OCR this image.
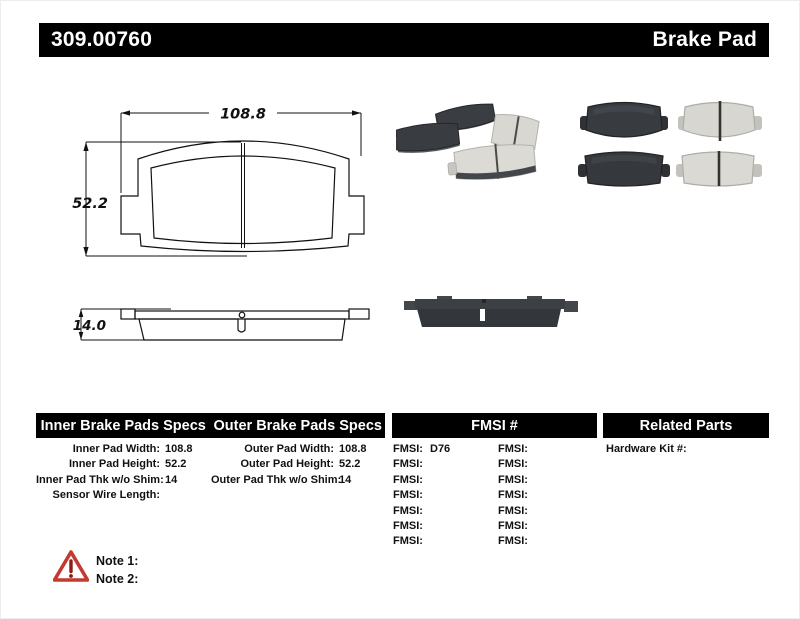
309.00760	Brake Pad
108.8
52.2
14.0
Inner Brake Pads Specs Outer Brake Pads Specs	FMSI #	Related Parts
Inner Pad Width: 108.8
Inner Pad Height: 52.2
Inner Pad Thk w/o Shim: 14
Sensor Wire Length:
Outer Pad Width: 108.8
Outer Pad Height: 52.2
Outer Pad Thk w/o Shim:
14
FMSI: D76
FMSI:
FMSI:
FMSI:
FMSI:
FMSI:
FMSI:
FMSI:
FMSI:
FMSI:
FMSI:
FMSI:
FMSI:
FMSI:
Hardware Kit #:
Note 1:
Note 2:
